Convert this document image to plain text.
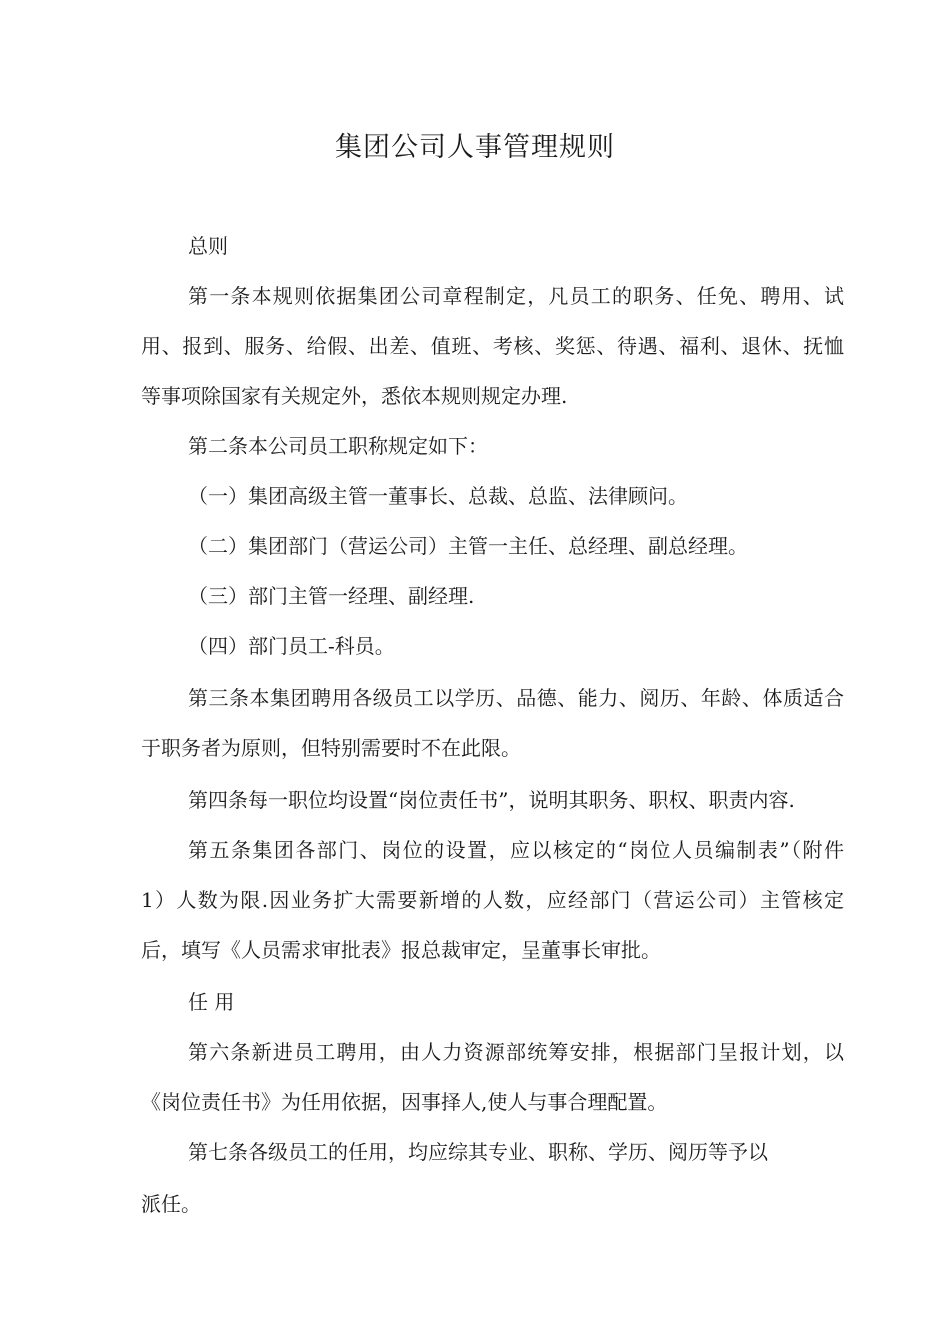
集团公司人事管理规则
总则
第一条本规则依据集团公司章程制定，凡员工的职务、任免、聘用、试
用、报到、服务、给假、出差、值班、考核、奖惩、待遇、福利、退休、抚恤
等事项除国家有关规定外，悉依本规则规定办理.
第二条本公司员工职称规定如下：
（一）集团高级主管一董事长、总裁、总监、法律顾问。
（二）集团部门（营运公司）主管一主任、总经理、副总经理。
（三）部门主管一经理、副经理.
（四）部门员工-科员。
第三条本集团聘用各级员工以学历、品德、能力、阅历、年龄、体质适合
于职务者为原则，但特别需要时不在此限。
第四条每一职位均设置“岗位责任书”，说明其职务、职权、职责内容.
第五条集团各部门、岗位的设置，应以核定的“岗位人员编制表”（附件
1）人数为限.因业务扩大需要新增的人数，应经部门（营运公司）主管核定
后，填写《人员需求审批表》报总裁审定，呈董事长审批。
任 用
第六条新进员工聘用，由人力资源部统筹安排，根据部门呈报计划，以
《岗位责任书》为任用依据，因事择人,使人与事合理配置。
第七条各级员工的任用，均应综其专业、职称、学历、阅历等予以
派任。
